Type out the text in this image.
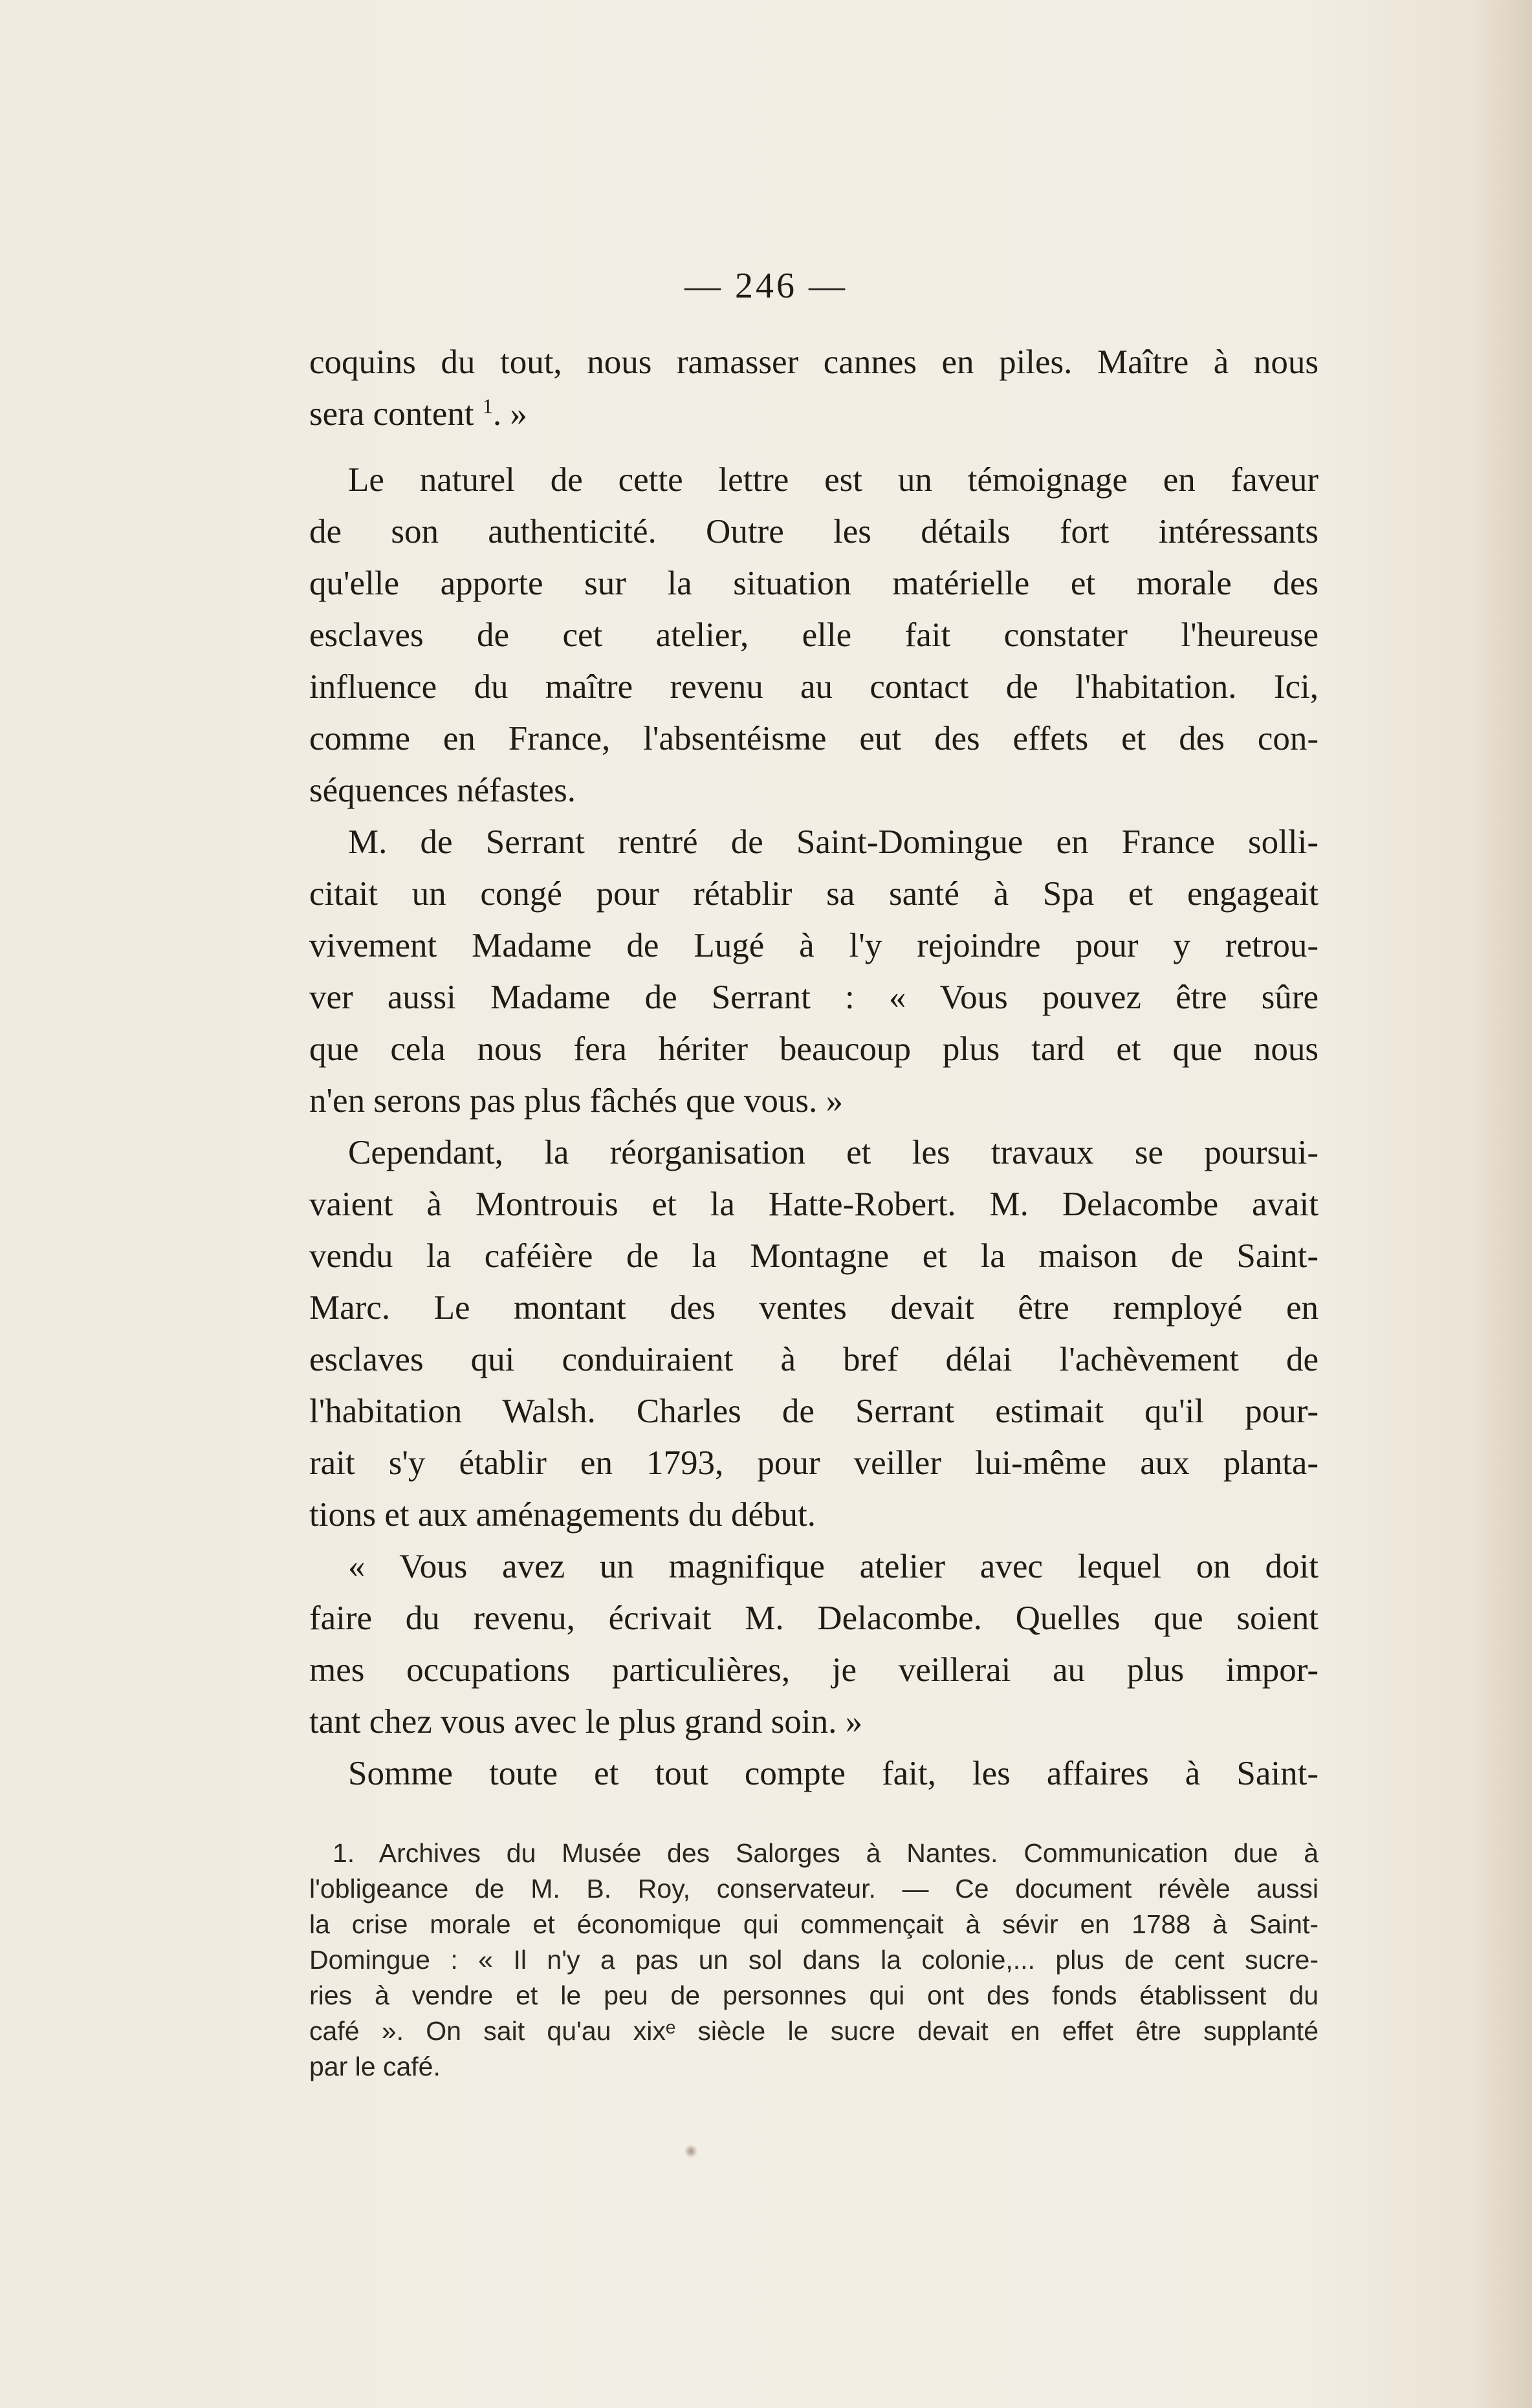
— 246 —
coquins du tout, nous ramasser cannes en piles. Maître à nous
sera content $^1$. »
Le naturel de cette lettre est un témoignage en faveur
de son authenticité. Outre les détails fort intéressants
qu'elle apporte sur la situation matérielle et morale des
esclaves de cet atelier, elle fait constater l'heureuse
influence du maître revenu au contact de l'habitation. Ici,
comme en France, l'absentéisme eut des effets et des con-
séquences néfastes.
M. de Serrant rentré de Saint-Domingue en France solli-
citait un congé pour rétablir sa santé à Spa et engageait
vivement Madame de Lugé à l'y rejoindre pour y retrou-
ver aussi Madame de Serrant : « Vous pouvez être sûre
que cela nous fera hériter beaucoup plus tard et que nous
n'en serons pas plus fâchés que vous. »
Cependant, la réorganisation et les travaux se poursui-
vaient à Montrouis et la Hatte-Robert. M. Delacombe avait
vendu la caféière de la Montagne et la maison de Saint-
Marc. Le montant des ventes devait être remployé en
esclaves qui conduiraient à bref délai l'achèvement de
l'habitation Walsh. Charles de Serrant estimait qu'il pour-
rait s'y établir en 1793, pour veiller lui-même aux planta-
tions et aux aménagements du début.
« Vous avez un magnifique atelier avec lequel on doit
faire du revenu, écrivait M. Delacombe. Quelles que soient
mes occupations particulières, je veillerai au plus impor-
tant chez vous avec le plus grand soin. »
Somme toute et tout compte fait, les affaires à Saint-
1. Archives du Musée des Salorges à Nantes. Communication due à
l'obligeance de M. B. Roy, conservateur. — Ce document révèle aussi
la crise morale et économique qui commençait à sévir en 1788 à Saint-
Domingue : « Il n'y a pas un sol dans la colonie,... plus de cent sucre-
ries à vendre et le peu de personnes qui ont des fonds établissent du
café ». On sait qu'au xixᵉ siècle le sucre devait en effet être supplanté
par le café.
